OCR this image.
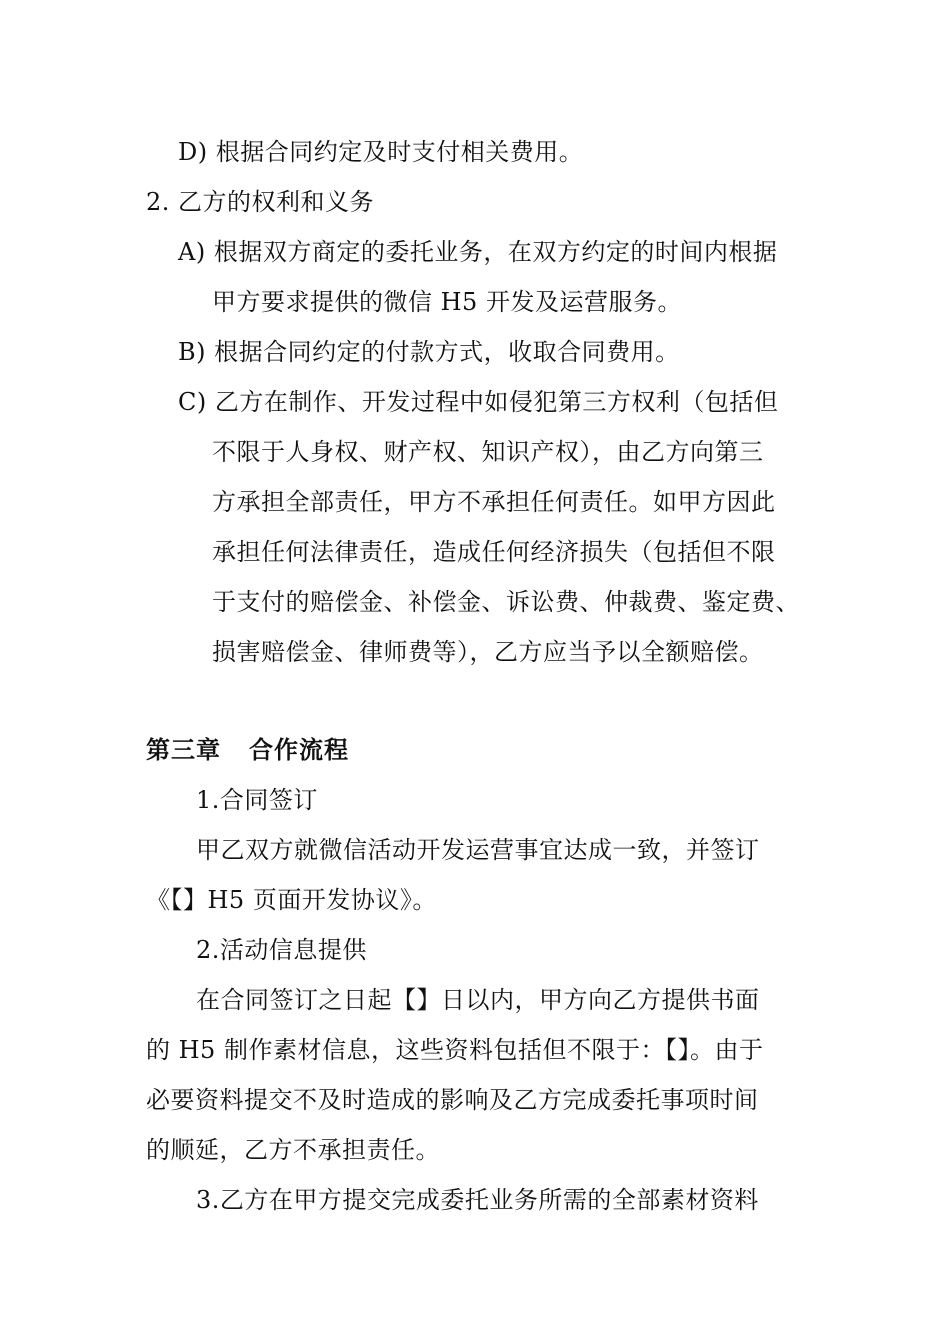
D) 根据合同约定及时支付相关费用。
2. 乙方的权利和义务
A) 根据双方商定的委托业务，在双方约定的时间内根据
甲方要求提供的微信 H5 开发及运营服务。
B) 根据合同约定的付款方式，收取合同费用。
C) 乙方在制作、开发过程中如侵犯第三方权利（包括但
不限于人身权、财产权、知识产权），由乙方向第三
方承担全部责任，甲方不承担任何责任。如甲方因此
承担任何法律责任，造成任何经济损失（包括但不限
于支付的赔偿金、补偿金、诉讼费、仲裁费、鉴定费、
损害赔偿金、律师费等），乙方应当予以全额赔偿。
第三章 合作流程
1.合同签订
甲乙双方就微信活动开发运营事宜达成一致，并签订
《【】H5 页面开发协议》。
2.活动信息提供
在合同签订之日起【】日以内，甲方向乙方提供书面
的 H5 制作素材信息，这些资料包括但不限于：【】。由于
必要资料提交不及时造成的影响及乙方完成委托事项时间
的顺延，乙方不承担责任。
3.乙方在甲方提交完成委托业务所需的全部素材资料
